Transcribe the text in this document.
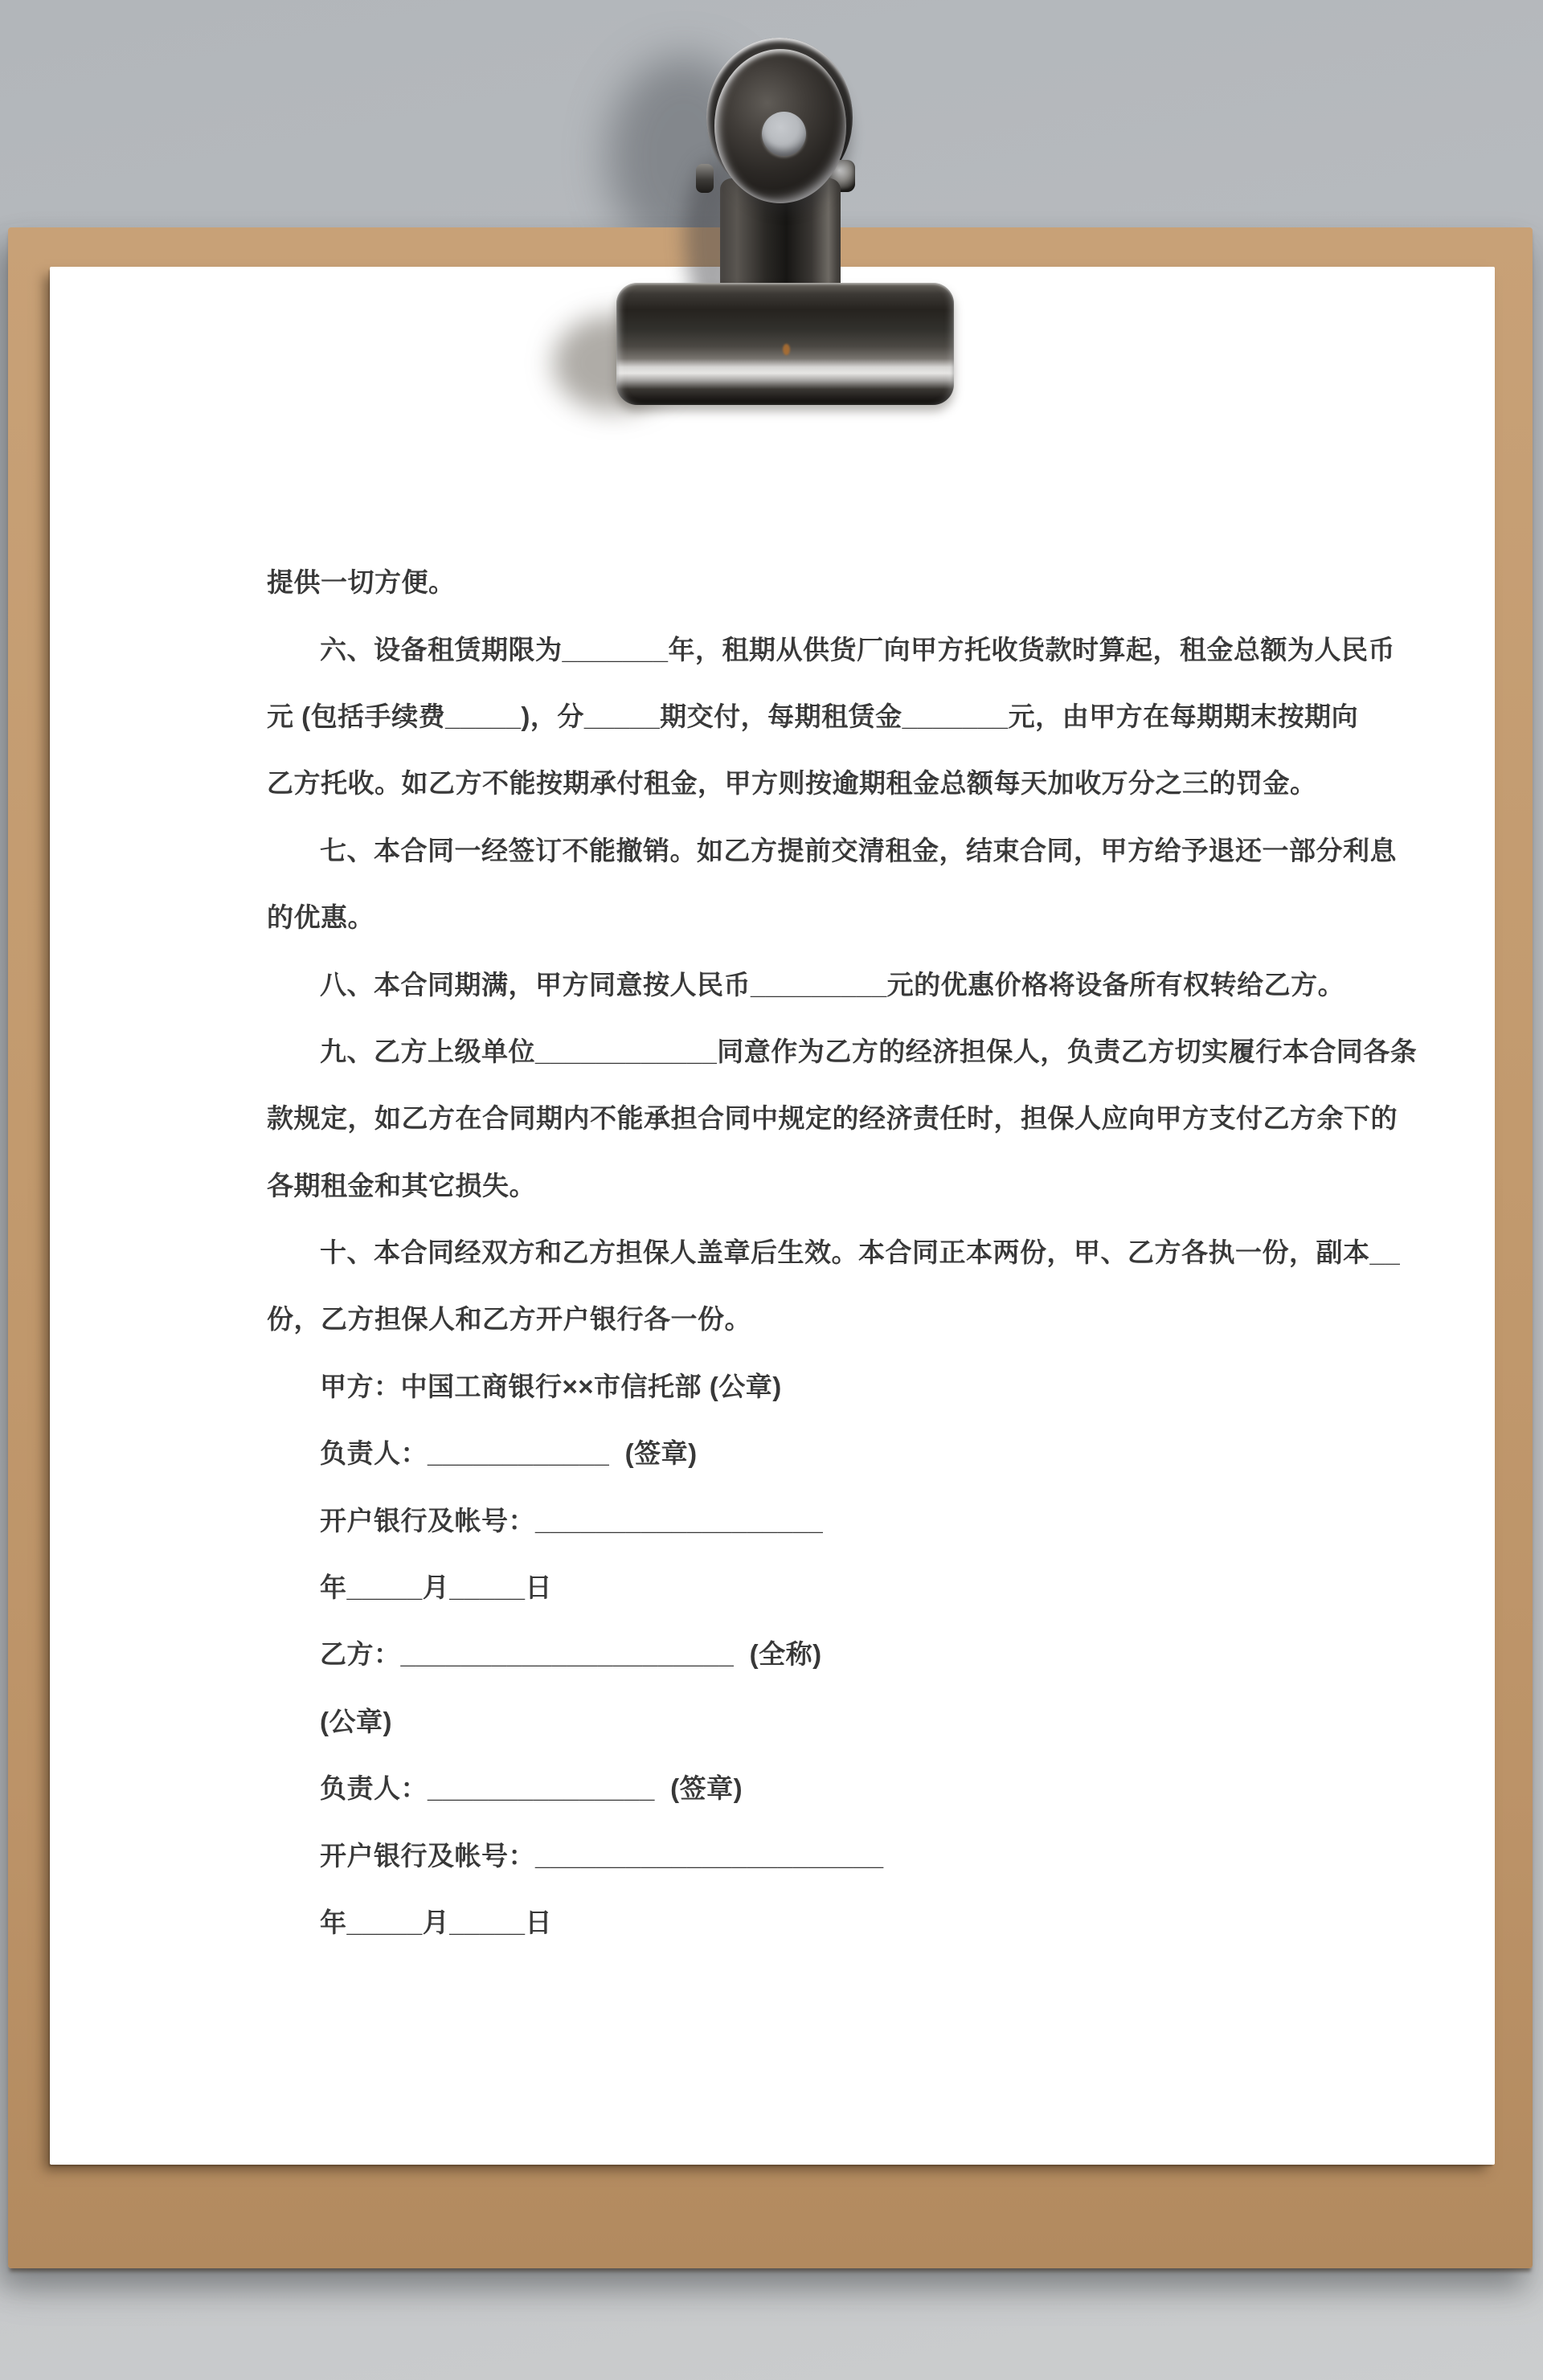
提供一切方便。
六、设备租赁期限为_______年，租期从供货厂向甲方托收货款时算起，租金总额为人民币
元 (包括手续费_____)，分_____期交付，每期租赁金_______元，由甲方在每期期末按期向
乙方托收。如乙方不能按期承付租金，甲方则按逾期租金总额每天加收万分之三的罚金。
七、本合同一经签订不能撤销。如乙方提前交清租金，结束合同，甲方给予退还一部分利息
的优惠。
八、本合同期满，甲方同意按人民币_________元的优惠价格将设备所有权转给乙方。
九、乙方上级单位____________同意作为乙方的经济担保人，负责乙方切实履行本合同各条
款规定，如乙方在合同期内不能承担合同中规定的经济责任时，担保人应向甲方支付乙方余下的
各期租金和其它损失。
十、本合同经双方和乙方担保人盖章后生效。本合同正本两份，甲、乙方各执一份，副本__
份，乙方担保人和乙方开户银行各一份。
甲方：中国工商银行××市信托部 (公章)
负责人：____________  (签章)
开户银行及帐号：___________________
年_____月_____日
乙方：______________________  (全称)
(公章)
负责人：_______________  (签章)
开户银行及帐号：_______________________
年_____月_____日
